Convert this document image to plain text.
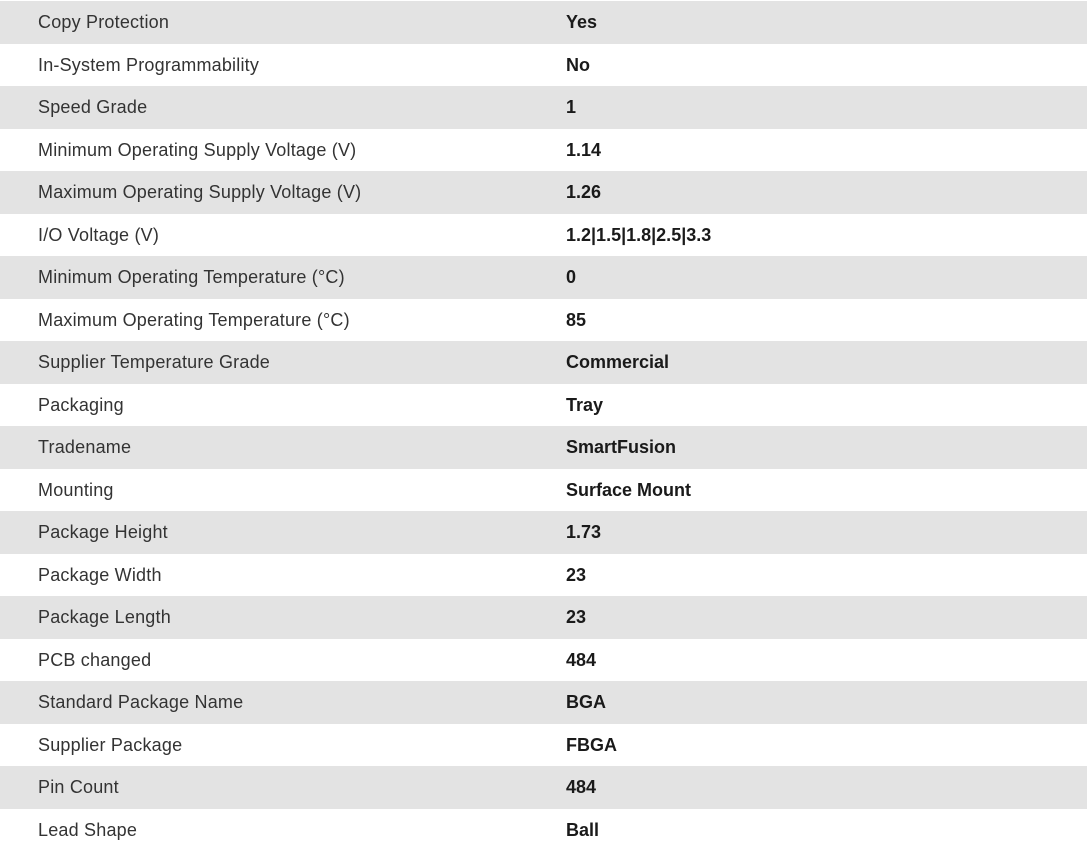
Copy Protection	Yes
In-System Programmability	No
Speed Grade	1
Minimum Operating Supply Voltage (V)	1.14
Maximum Operating Supply Voltage (V)	1.26
I/O Voltage (V)	1.2|1.5|1.8|2.5|3.3
Minimum Operating Temperature (°C)	0
Maximum Operating Temperature (°C)	85
Supplier Temperature Grade	Commercial
Packaging	Tray
Tradename	SmartFusion
Mounting	Surface Mount
Package Height	1.73
Package Width	23
Package Length	23
PCB changed	484
Standard Package Name	BGA
Supplier Package	FBGA
Pin Count	484
Lead Shape	Ball
